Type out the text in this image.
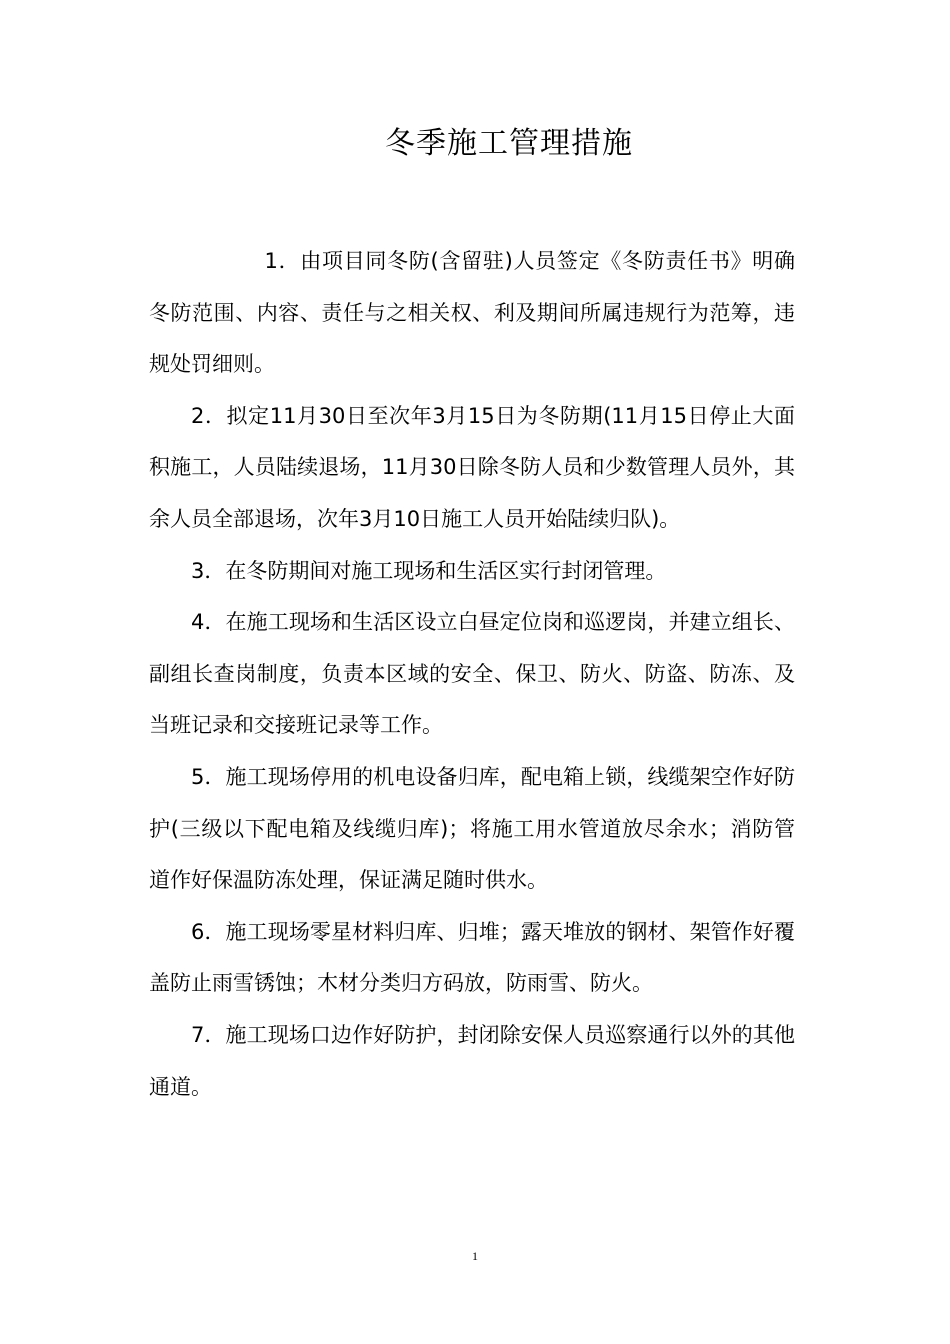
冬季施工管理措施

1．由项目同冬防(含留驻)人员签定《冬防责任书》明确冬防范围、内容、责任与之相关权、利及期间所属违规行为范筹，违规处罚细则。

2．拟定11月30日至次年3月15日为冬防期(11月15日停止大面积施工，人员陆续退场，11月30日除冬防人员和少数管理人员外，其余人员全部退场，次年3月10日施工人员开始陆续归队)。

3．在冬防期间对施工现场和生活区实行封闭管理。

4．在施工现场和生活区设立白昼定位岗和巡逻岗，并建立组长、副组长查岗制度，负责本区域的安全、保卫、防火、防盗、防冻、及当班记录和交接班记录等工作。

5．施工现场停用的机电设备归库，配电箱上锁，线缆架空作好防护(三级以下配电箱及线缆归库)；将施工用水管道放尽余水；消防管道作好保温防冻处理，保证满足随时供水。

6．施工现场零星材料归库、归堆；露天堆放的钢材、架管作好覆盖防止雨雪锈蚀；木材分类归方码放，防雨雪、防火。

7．施工现场口边作好防护，封闭除安保人员巡察通行以外的其他通道。

1
